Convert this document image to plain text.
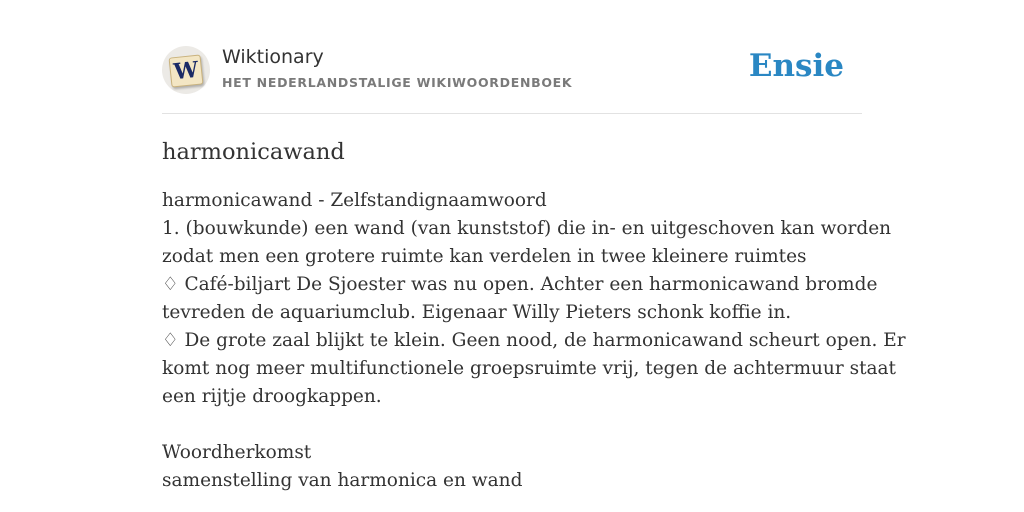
W Wiktionary
HET NEDERLANDSTALIGE WIKIWOORDENBOEK	Ensie
harmonicawand
harmonicawand - Zelfstandignaamwoord
1. (bouwkunde) een wand (van kunststof) die in- en uitgeschoven kan worden
zodat men een grotere ruimte kan verdelen in twee kleinere ruimtes
♢ Café-biljart De Sjoester was nu open. Achter een harmonicawand bromde
tevreden de aquariumclub. Eigenaar Willy Pieters schonk koffie in.
♢ De grote zaal blijkt te klein. Geen nood, de harmonicawand scheurt open. Er
komt nog meer multifunctionele groepsruimte vrij, tegen de achtermuur staat
een rijtje droogkappen.
Woordherkomst
samenstelling van harmonica en wand
